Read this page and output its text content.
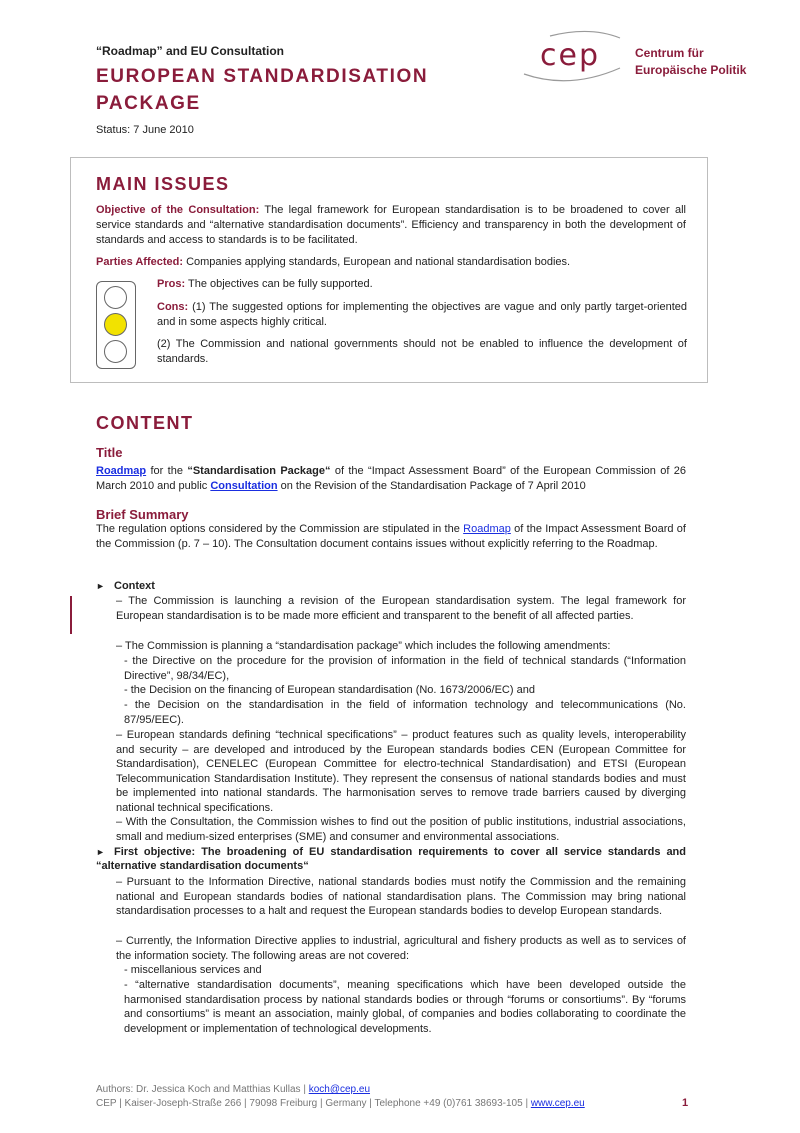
“Roadmap” and EU Consultation
EUROPEAN STANDARDISATION
PACKAGE
Status: 7 June 2010
cep	Centrum für
Europäische Politik
MAIN ISSUES
Objective of the Consultation: The legal framework for European standardisation is to be broadened to cover all service standards and “alternative standardisation documents”. Efficiency and transparency in both the development of standards and access to standards is to be facilitated.
Parties Affected: Companies applying standards, European and national standardisation bodies.
Pros: The objectives can be fully supported.
Cons: (1) The suggested options for implementing the objectives are vague and only partly target-oriented and in some aspects highly critical.
(2) The Commission and national governments should not be enabled to influence the development of standards.
CONTENT
Title
Roadmap for the “Standardisation Package“ of the “Impact Assessment Board” of the European Commission of 26 March 2010 and public Consultation on the Revision of the Standardisation Package of 7 April 2010
Brief Summary
The regulation options considered by the Commission are stipulated in the Roadmap of the Impact Assessment Board of the Commission (p. 7 – 10). The Consultation document contains issues without explicitly referring to the Roadmap.
► Context
– The Commission is launching a revision of the European standardisation system. The legal framework for European standardisation is to be made more efficient and transparent to the benefit of all affected parties.
– The Commission is planning a “standardisation package” which includes the following amendments:
- the Directive on the procedure for the provision of information in the field of technical standards (“Information Directive”, 98/34/EC),
- the Decision on the financing of European standardisation (No. 1673/2006/EC) and
- the Decision on the standardisation in the field of information technology and telecommunications (No. 87/95/EEC).
– European standards defining “technical specifications” – product features such as quality levels, interoperability and security – are developed and introduced by the European standards bodies CEN (European Committee for Standardisation), CENELEC (European Committee for electro-technical Standardisation) and ETSI (European Telecommunication Standardisation Institute). They represent the consensus of national standards bodies and must be implemented into national standards. The harmonisation serves to remove trade barriers caused by diverging national technical specifications.
– With the Consultation, the Commission wishes to find out the position of public institutions, industrial associations, small and medium-sized enterprises (SME) and consumer and environmental associations.
► First objective: The broadening of EU standardisation requirements to cover all service standards and “alternative standardisation documents“
– Pursuant to the Information Directive, national standards bodies must notify the Commission and the remaining national and European standards bodies of national standardisation plans. The Commission may bring national standardisation processes to a halt and request the European standards bodies to develop European standards.
– Currently, the Information Directive applies to industrial, agricultural and fishery products as well as to services of the information society. The following areas are not covered:
- miscellanious services and
- “alternative standardisation documents”, meaning specifications which have been developed outside the harmonised standardisation process by national standards bodies or through “forums or consortiums”. By “forums and consortiums” is meant an association, mainly global, of companies and bodies collaborating to coordinate the development or implementation of technological developments.
Authors: Dr. Jessica Koch and Matthias Kullas | koch@cep.eu
CEP | Kaiser-Joseph-Straße 266 | 79098 Freiburg | Germany | Telephone +49 (0)761 38693-105 | www.cep.eu	1
